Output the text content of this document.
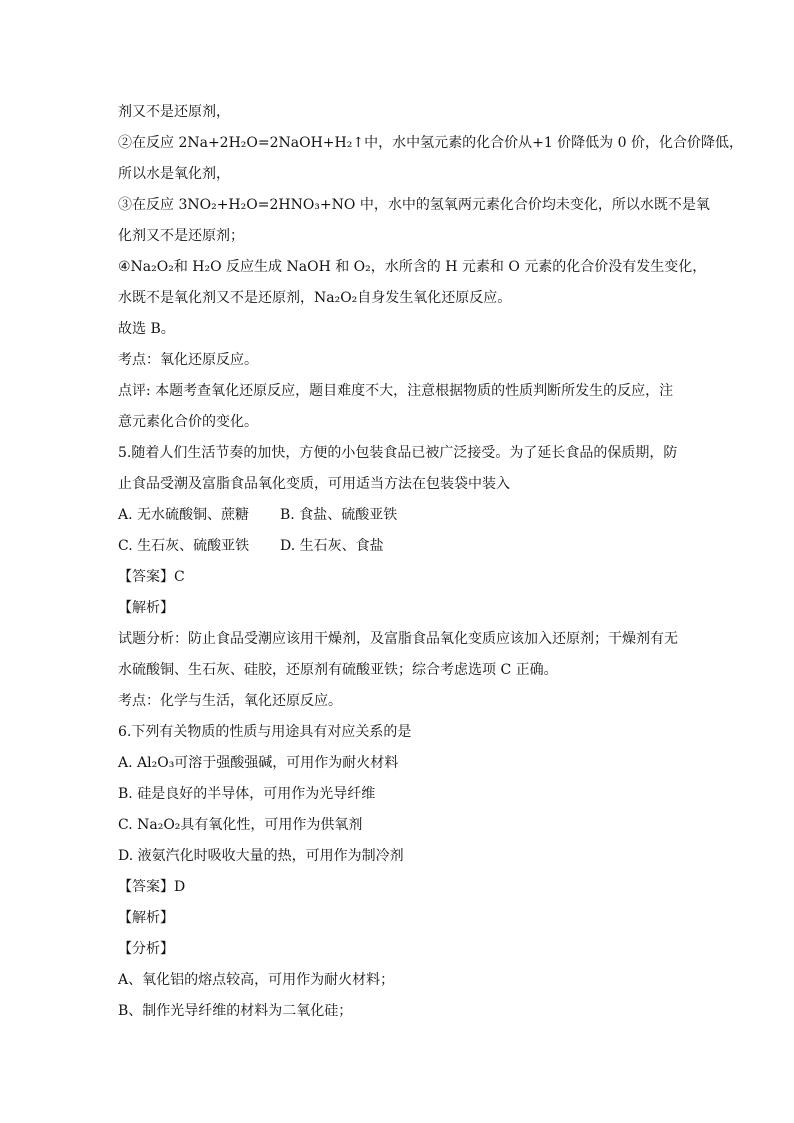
剂又不是还原剂，
②在反应 2Na+2H₂O=2NaOH+H₂↑中，水中氢元素的化合价从+1 价降低为 0 价，化合价降低，
所以水是氧化剂，
③在反应 3NO₂+H₂O=2HNO₃+NO 中，水中的氢氧两元素化合价均未变化，所以水既不是氧
化剂又不是还原剂；
④Na₂O₂和 H₂O 反应生成 NaOH 和 O₂，水所含的 H 元素和 O 元素的化合价没有发生变化，
水既不是氧化剂又不是还原剂，Na₂O₂自身发生氧化还原反应。
故选 B。
考点：氧化还原反应。
点评: 本题考查氧化还原反应，题目难度不大，注意根据物质的性质判断所发生的反应，注
意元素化合价的变化。
5.随着人们生活节奏的加快，方便的小包装食品已被广泛接受。为了延长食品的保质期，防
止食品受潮及富脂食品氧化变质，可用适当方法在包装袋中装入
A. 无水硫酸铜、蔗糖	B. 食盐、硫酸亚铁
C. 生石灰、硫酸亚铁	D. 生石灰、食盐
【答案】C
【解析】
试题分析：防止食品受潮应该用干燥剂，及富脂食品氧化变质应该加入还原剂；干燥剂有无
水硫酸铜、生石灰、硅胶，还原剂有硫酸亚铁；综合考虑选项 C 正确。
考点：化学与生活，氧化还原反应。
6.下列有关物质的性质与用途具有对应关系的是
A. Al₂O₃可溶于强酸强碱，可用作为耐火材料
B. 硅是良好的半导体，可用作为光导纤维
C. Na₂O₂具有氧化性，可用作为供氧剂
D. 液氨汽化时吸收大量的热，可用作为制冷剂
【答案】D
【解析】
【分析】
A、氧化铝的熔点较高，可用作为耐火材料；
B、制作光导纤维的材料为二氧化硅；
